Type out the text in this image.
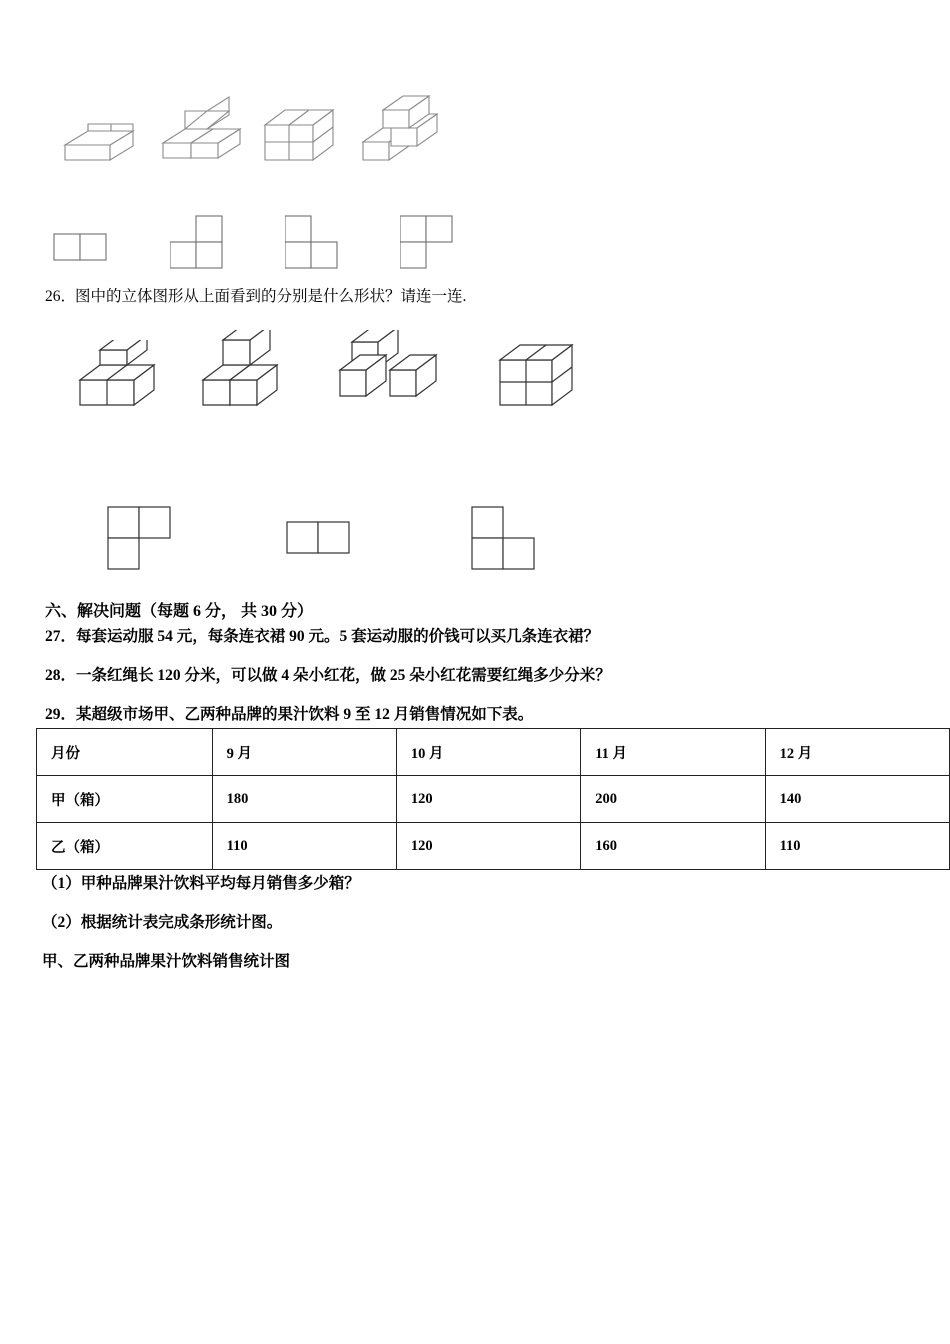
26．
图中的立体图形从上面看到的分别是什么形状？请连一连.
六、解决问题（每题 6 分， 共 30 分）
27． 每套运动服 54 元，每条连衣裙 90 元。5 套运动服的价钱可以买几条连衣裙？
28． 一条红绳长 120 分米，可以做 4 朵小红花，做 25 朵小红花需要红绳多少分米？
29． 某超级市场甲、乙两种品牌的果汁饮料 9 至 12 月销售情况如下表。
月份	9 月	10 月	11 月	12 月
甲（箱）	180	120	200	140
乙（箱）	110	120	160	110
（1）甲种品牌果汁饮料平均每月销售多少箱？
（2）根据统计表完成条形统计图。
甲、乙两种品牌果汁饮料销售统计图
